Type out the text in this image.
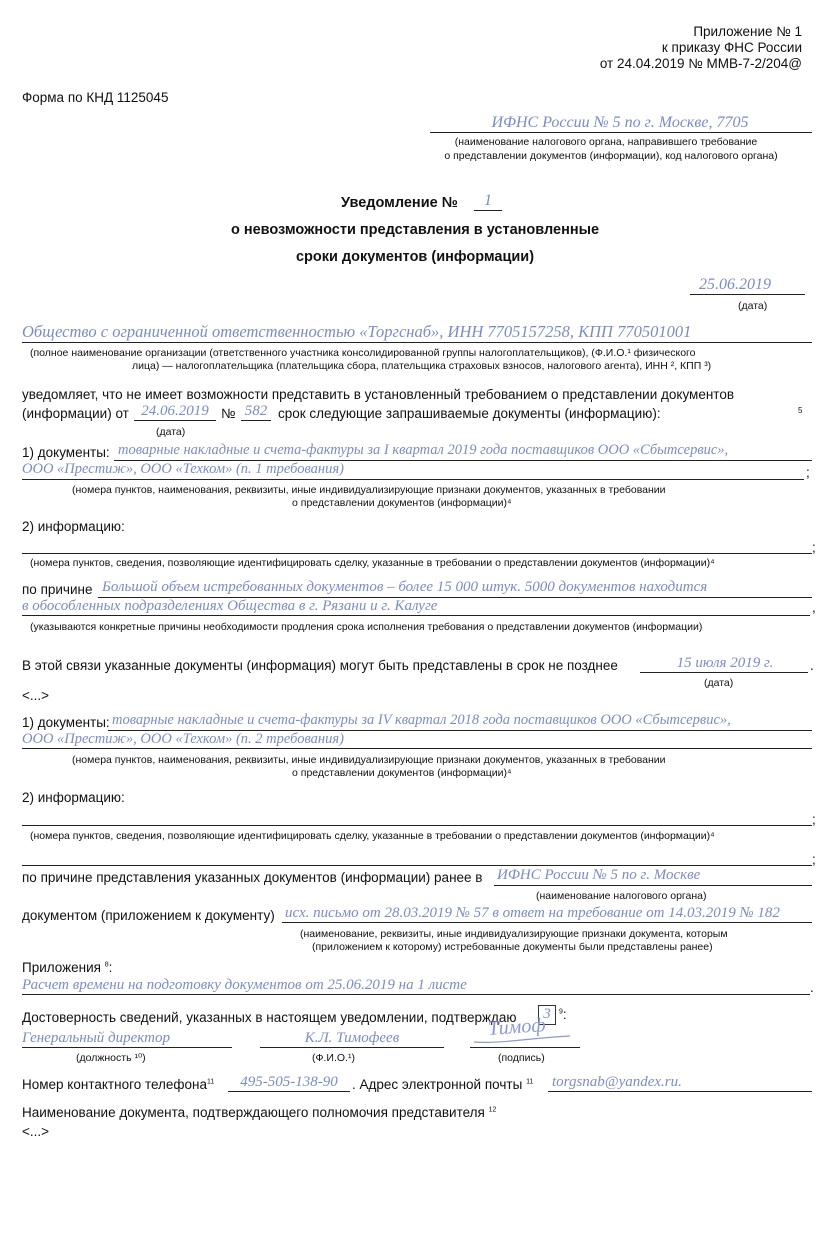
Приложение № 1
к приказу ФНС России
от 24.04.2019 № ММВ-7-2/204@
Форма по КНД 1125045
ИФНС России № 5 по г. Москве, 7705
(наименование налогового органа, направившего требование
о представлении документов (информации), код налогового органа)
Уведомление №	1
о невозможности представления в установленные
сроки документов (информации)
25.06.2019
(дата)
Общество с ограниченной ответственностью «Торгснаб», ИНН 7705157258, КПП 770501001
(полное наименование организации (ответственного участника консолидированной группы налогоплательщиков), (Ф.И.О.¹ физического
лица) — налогоплательщика (плательщика сбора, плательщика страховых взносов, налогового агента), ИНН ², КПП ³)
уведомляет, что не имеет возможности представить в установленный требованием о представлении документов
(информации) от 24.06.2019 № 582 срок следующие запрашиваемые документы (информацию):	5
(дата)
1) документы: товарные накладные и счета-фактуры за I квартал 2019 года поставщиков ООО «Сбытсервис»,
ООО «Престиж», ООО «Техком» (п. 1 требования)	;
(номера пунктов, наименования, реквизиты, иные индивидуализирующие признаки документов, указанных в требовании
о представлении документов (информации)⁴
2) информацию:
;
(номера пунктов, сведения, позволяющие идентифицировать сделку, указанные в требовании о представлении документов (информации)⁴
по причине Большой объем истребованных документов – более 15 000 штук. 5000 документов находится
в обособленных подразделениях Общества в г. Рязани и г. Калуге	,
(указываются конкретные причины необходимости продления срока исполнения требования о представлении документов (информации)
В этой связи указанные документы (информация) могут быть представлены в срок не позднее	15 июля 2019 г.	.
(дата)
<...>
1) документы: товарные накладные и счета-фактуры за IV квартал 2018 года поставщиков ООО «Сбытсервис»,
ООО «Престиж», ООО «Техком» (п. 2 требования)
(номера пунктов, наименования, реквизиты, иные индивидуализирующие признаки документов, указанных в требовании
о представлении документов (информации)⁴
2) информацию:
;
(номера пунктов, сведения, позволяющие идентифицировать сделку, указанные в требовании о представлении документов (информации)⁴
;
по причине представления указанных документов (информации) ранее в ИФНС России № 5 по г. Москве
(наименование налогового органа)
документом (приложением к документу) исх. письмо от 28.03.2019 № 57 в ответ на требование от 14.03.2019 № 182
(наименование, реквизиты, иные индивидуализирующие признаки документа, которым
(приложением к которому) истребованные документы были представлены ранее)
Приложения $^8$:
Расчет времени на подготовку документов от 25.06.2019 на 1 листе	.
Достоверность сведений, указанных в настоящем уведомлении, подтверждаю	3	$^9$:
Генеральный директор
(должность ¹⁰)
К.Л. Тимофеев
(Ф.И.О.¹)
Тимоф
(подпись)
Номер контактного телефона$^{11}$	495-505-138-90	. Адрес электронной почты $^{11}$ torgsnab@yandex.ru.
Наименование документа, подтверждающего полномочия представителя $^{12}$
<...>
